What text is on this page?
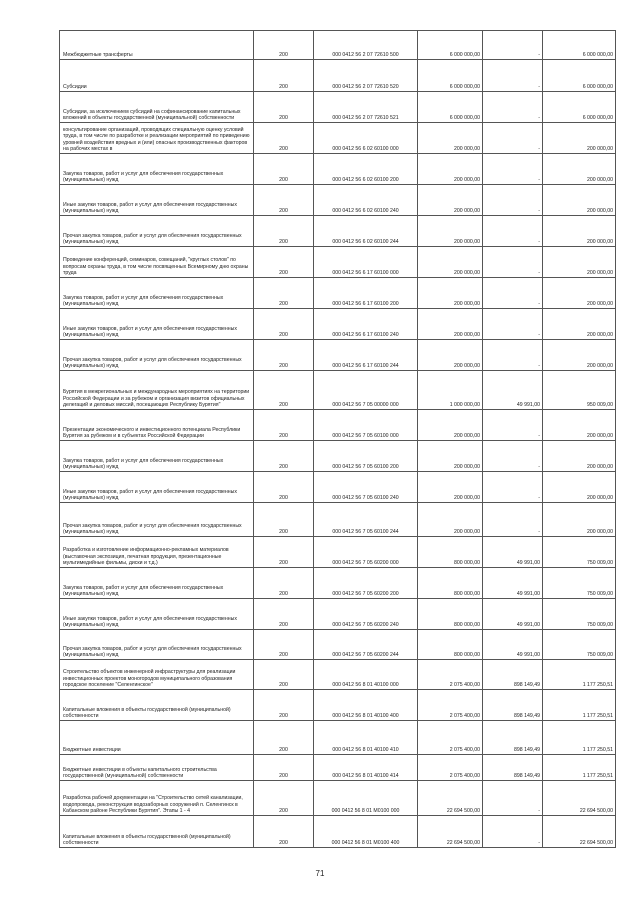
Межбюджетные трансферты	200	000 0412 56 2 07 72610 500	6 000 000,00	-	6 000 000,00
Субсидии	200	000 0412 56 2 07 72610 520	6 000 000,00	-	6 000 000,00
Субсидии, за исключением субсидий на софинансирование капитальных вложений в объекты государственной (муниципальной) собственности	200	000 0412 56 2 07 72610 521	6 000 000,00	-	6 000 000,00
консультирование организаций, проводящих специальную оценку условий труда, в том числе по разработке и реализации мероприятий по приведению уровней воздействия вредных и (или) опасных производственных факторов на рабочих местах в	200	000 0412 56 6 02 60100 000	200 000,00	-	200 000,00
Закупка товаров, работ и услуг для обеспечения государственных (муниципальных) нужд	200	000 0412 56 6 02 60100 200	200 000,00	-	200 000,00
Иные закупки товаров, работ и услуг для обеспечения государственных (муниципальных) нужд	200	000 0412 56 6 02 60100 240	200 000,00	-	200 000,00
Прочая закупка товаров, работ и услуг для обеспечения государственных (муниципальных) нужд	200	000 0412 56 6 02 60100 244	200 000,00	-	200 000,00
Проведение конференций, семинаров, совещаний, "круглых столов" по вопросам охраны труда, в том числе посвященных Всемирному дню охраны труда	200	000 0412 56 6 17 60100 000	200 000,00	-	200 000,00
Закупка товаров, работ и услуг для обеспечения государственных (муниципальных) нужд	200	000 0412 56 6 17 60100 200	200 000,00	-	200 000,00
Иные закупки товаров, работ и услуг для обеспечения государственных (муниципальных) нужд	200	000 0412 56 6 17 60100 240	200 000,00	-	200 000,00
Прочая закупка товаров, работ и услуг для обеспечения государственных (муниципальных) нужд	200	000 0412 56 6 17 60100 244	200 000,00	-	200 000,00
Бурятия в межрегиональных и международных мероприятиях на территории Российской Федерации и за рубежом и организация визитов официальных делегаций и деловых миссий, посещающих Республику Бурятия"	200	000 0412 56 7 05 00000 000	1 000 000,00	49 991,00	950 009,00
Презентации экономического и инвестиционного потенциала Республики Бурятия за рубежом и в субъектах Российской Федерации	200	000 0412 56 7 05 60100 000	200 000,00	-	200 000,00
Закупка товаров, работ и услуг для обеспечения государственных (муниципальных) нужд	200	000 0412 56 7 05 60100 200	200 000,00	-	200 000,00
Иные закупки товаров, работ и услуг для обеспечения государственных (муниципальных) нужд	200	000 0412 56 7 05 60100 240	200 000,00	-	200 000,00
Прочая закупка товаров, работ и услуг для обеспечения государственных (муниципальных) нужд	200	000 0412 56 7 05 60100 244	200 000,00	-	200 000,00
Разработка и изготовление информационно-рекламных материалов (выставочная экспозиция, печатная продукция, презентационные мультимедийные фильмы, диски и т.д.)	200	000 0412 56 7 05 60200 000	800 000,00	49 991,00	750 009,00
Закупка товаров, работ и услуг для обеспечения государственных (муниципальных) нужд	200	000 0412 56 7 05 60200 200	800 000,00	49 991,00	750 009,00
Иные закупки товаров, работ и услуг для обеспечения государственных (муниципальных) нужд	200	000 0412 56 7 05 60200 240	800 000,00	49 991,00	750 009,00
Прочая закупка товаров, работ и услуг для обеспечения государственных (муниципальных) нужд	200	000 0412 56 7 05 60200 244	800 000,00	49 991,00	750 009,00
Строительство объектов инженерной инфраструктуры для реализации инвестиционных проектов моногородов муниципального образования городское поселение "Селенгинское"	200	000 0412 56 8 01 40100 000	2 075 400,00	898 149,49	1 177 250,51
Капитальные вложения в объекты государственной (муниципальной) собственности	200	000 0412 56 8 01 40100 400	2 075 400,00	898 149,49	1 177 250,51
Бюджетные инвестиции	200	000 0412 56 8 01 40100 410	2 075 400,00	898 149,49	1 177 250,51
Бюджетные инвестиции в объекты капитального строительства государственной (муниципальной) собственности	200	000 0412 56 8 01 40100 414	2 075 400,00	898 149,49	1 177 250,51
Разработка рабочей документации на "Строительство сетей канализации, водопровода, реконструкция водозаборных сооружений п. Селенгинск в Кабанском районе Республики Бурятия". Этапы 1 - 4	200	000 0412 56 8 01 M0100 000	22 694 500,00	-	22 694 500,00
Капитальные вложения в объекты государственной (муниципальной) собственности	200	000 0412 56 8 01 M0100 400	22 694 500,00	-	22 694 500,00
71
